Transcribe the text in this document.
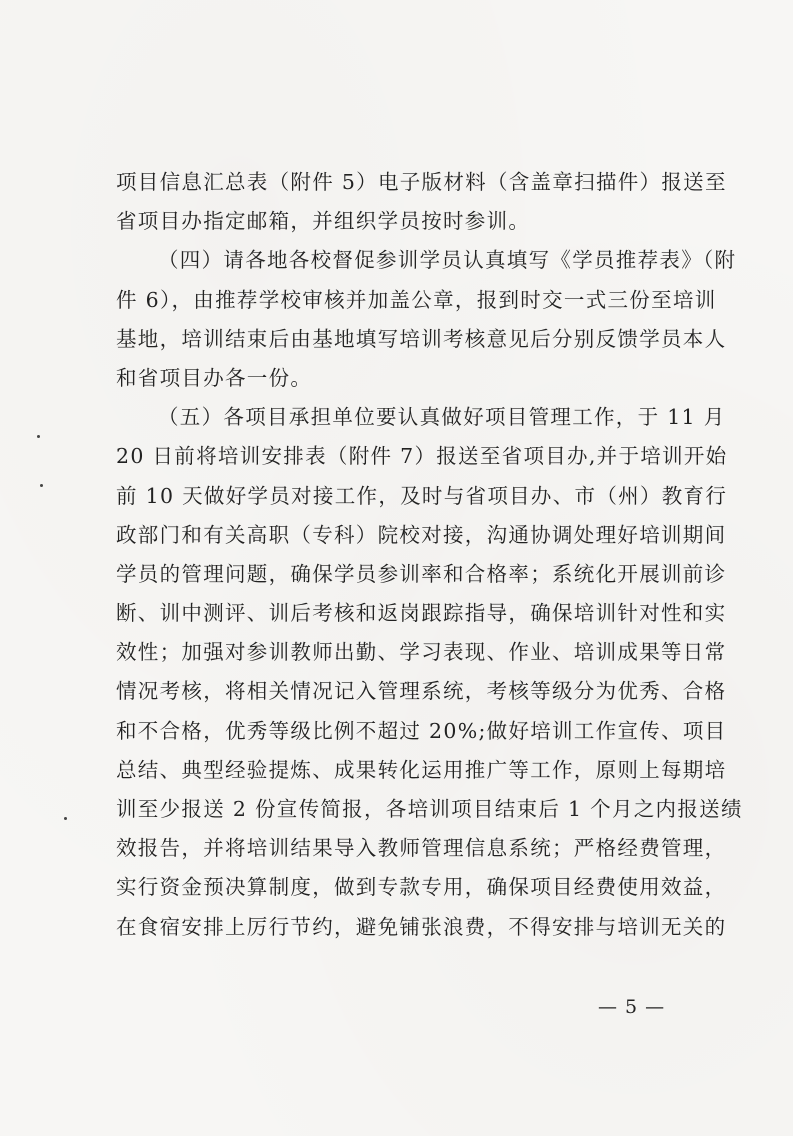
项目信息汇总表（附件 5）电子版材料（含盖章扫描件）报送至
省项目办指定邮箱，并组织学员按时参训。
（四）请各地各校督促参训学员认真填写《学员推荐表》（附
件 6），由推荐学校审核并加盖公章，报到时交一式三份至培训
基地，培训结束后由基地填写培训考核意见后分别反馈学员本人
和省项目办各一份。
（五）各项目承担单位要认真做好项目管理工作，于 11 月
20 日前将培训安排表（附件 7）报送至省项目办,并于培训开始
前 10 天做好学员对接工作，及时与省项目办、市（州）教育行
政部门和有关高职（专科）院校对接，沟通协调处理好培训期间
学员的管理问题，确保学员参训率和合格率；系统化开展训前诊
断、训中测评、训后考核和返岗跟踪指导，确保培训针对性和实
效性；加强对参训教师出勤、学习表现、作业、培训成果等日常
情况考核，将相关情况记入管理系统，考核等级分为优秀、合格
和不合格，优秀等级比例不超过 20%;做好培训工作宣传、项目
总结、典型经验提炼、成果转化运用推广等工作，原则上每期培
训至少报送 2 份宣传简报，各培训项目结束后 1 个月之内报送绩
效报告，并将培训结果导入教师管理信息系统；严格经费管理，
实行资金预决算制度，做到专款专用，确保项目经费使用效益，
在食宿安排上厉行节约，避免铺张浪费，不得安排与培训无关的
— 5 —
